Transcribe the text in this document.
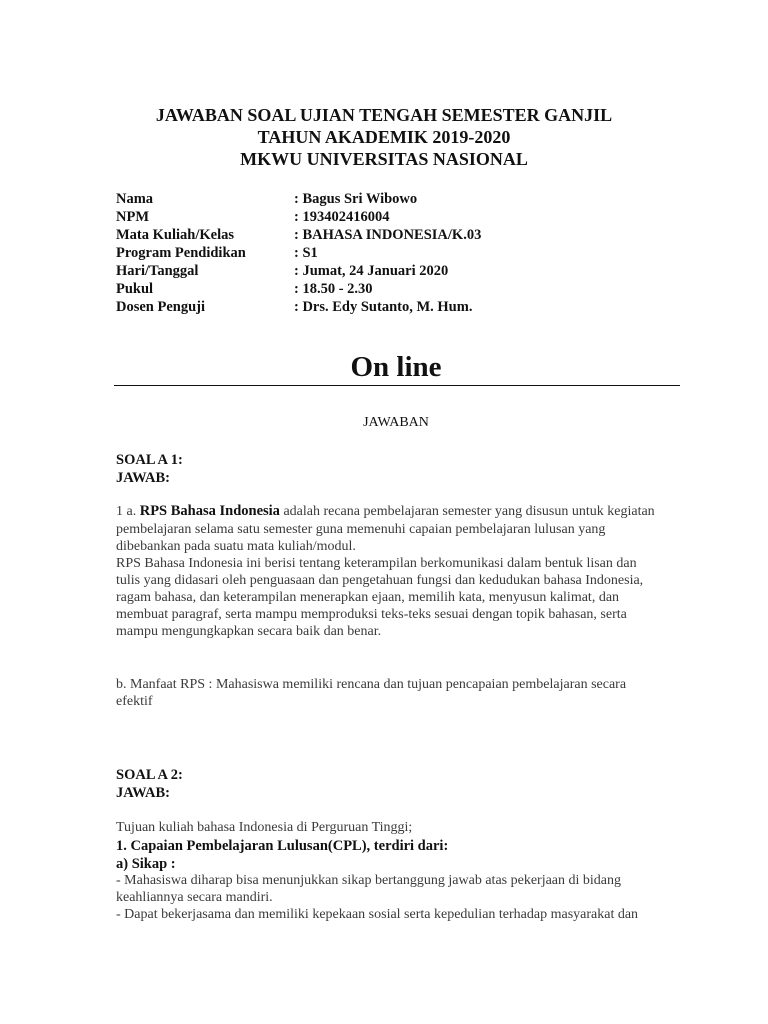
JAWABAN SOAL UJIAN TENGAH SEMESTER GANJIL
TAHUN AKADEMIK 2019-2020
MKWU UNIVERSITAS NASIONAL
Nama	: Bagus Sri Wibowo
NPM	: 193402416004
Mata Kuliah/Kelas	: BAHASA INDONESIA/K.03
Program Pendidikan	: S1
Hari/Tanggal	: Jumat, 24 Januari 2020
Pukul	: 18.50 - 2.30
Dosen Penguji	: Drs. Edy Sutanto, M. Hum.
On line
JAWABAN
SOAL A 1:
JAWAB:
1 a. RPS Bahasa Indonesia adalah recana pembelajaran semester yang disusun untuk kegiatan
pembelajaran selama satu semester guna memenuhi capaian pembelajaran lulusan yang
dibebankan pada suatu mata kuliah/modul.
RPS Bahasa Indonesia ini berisi tentang keterampilan berkomunikasi dalam bentuk lisan dan
tulis yang didasari oleh penguasaan dan pengetahuan fungsi dan kedudukan bahasa Indonesia,
ragam bahasa, dan keterampilan menerapkan ejaan, memilih kata, menyusun kalimat, dan
membuat paragraf, serta mampu memproduksi teks-teks sesuai dengan topik bahasan, serta
mampu mengungkapkan secara baik dan benar.
b. Manfaat RPS : Mahasiswa memiliki rencana dan tujuan pencapaian pembelajaran secara
efektif
SOAL A 2:
JAWAB:
Tujuan kuliah bahasa Indonesia di Perguruan Tinggi;
1. Capaian Pembelajaran Lulusan(CPL), terdiri dari:
a) Sikap :
- Mahasiswa diharap bisa menunjukkan sikap bertanggung jawab atas pekerjaan di bidang
keahliannya secara mandiri.
- Dapat bekerjasama dan memiliki kepekaan sosial serta kepedulian terhadap masyarakat dan
